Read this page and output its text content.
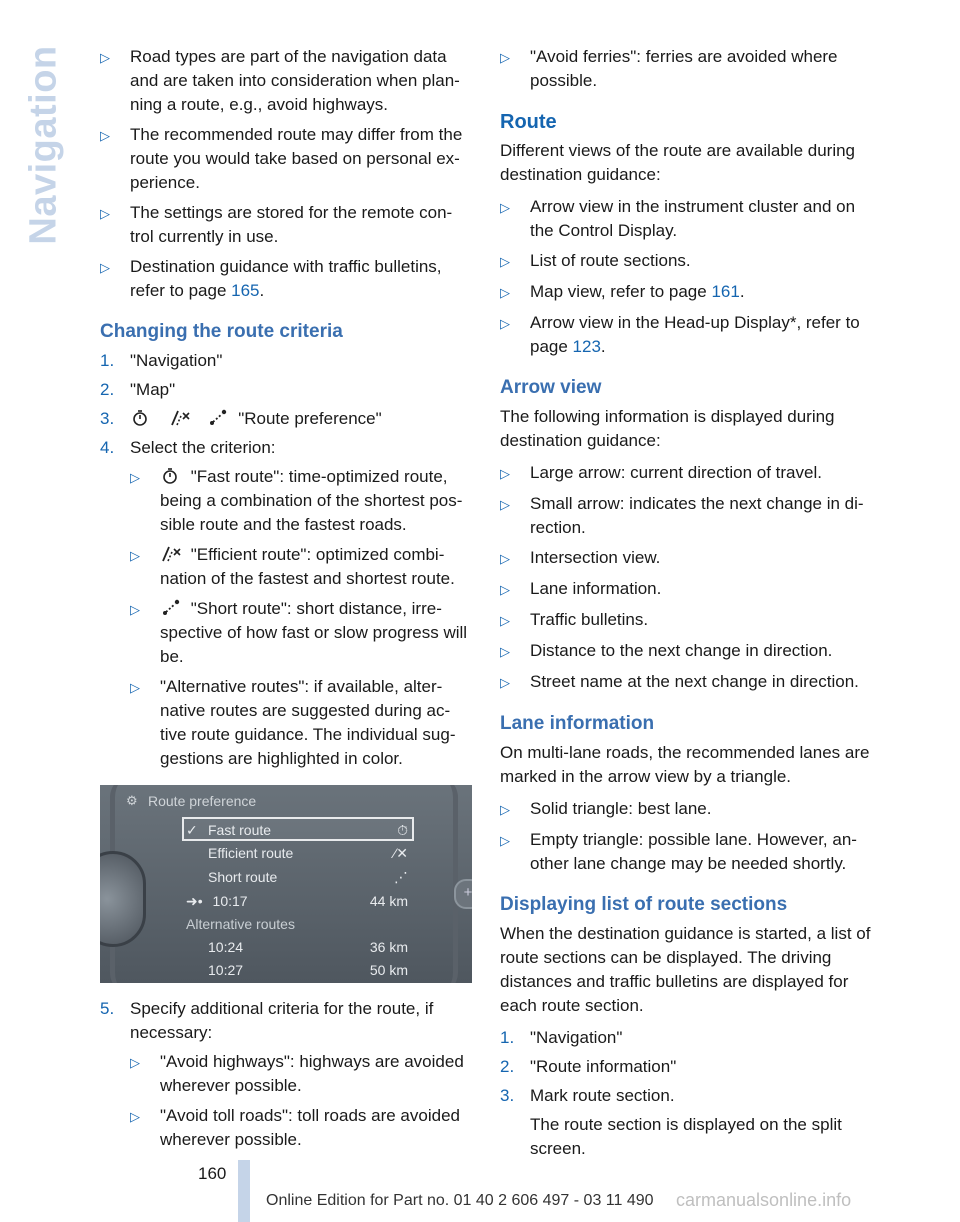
Navigation	▷	Road types are part of the navigation data and are taken into consideration when plan-ning a route, e.g., avoid highways.
▷	The recommended route may differ from the route you would take based on personal ex-perience.
▷	The settings are stored for the remote con-trol currently in use.
▷	Destination guidance with traffic bulletins, refer to page 165.
Changing the route criteria
1. "Navigation"
2. "Map"
3.	"Route preference"
4. Select the criterion:
▷	"Fast route": time-optimized route, being a combination of the shortest pos-sible route and the fastest roads.
▷	"Efficient route": optimized combi-nation of the fastest and shortest route.
▷	"Short route": short distance, irre-spective of how fast or slow progress will be.
▷	"Alternative routes": if available, alter-native routes are suggested during ac-tive route guidance. The individual sug-gestions are highlighted in color.
+
⚙ Route preference
✓ Fast route	⏱
Efficient route	⁄✕
Short route	⋰
➜• 10:17	44 km
Alternative routes
10:24	36 km
10:27	50 km
5. Specify additional criteria for the route, if necessary:
▷	"Avoid highways": highways are avoided wherever possible.
▷	"Avoid toll roads": toll roads are avoided wherever possible.
▷	"Avoid ferries": ferries are avoided where possible.
Route
Different views of the route are available during destination guidance:
▷	Arrow view in the instrument cluster and on the Control Display.
▷	List of route sections.
▷	Map view, refer to page 161.
▷	Arrow view in the Head-up Display*, refer to page 123.
Arrow view
The following information is displayed during destination guidance:
▷	Large arrow: current direction of travel.
▷	Small arrow: indicates the next change in di-rection.
▷	Intersection view.
▷	Lane information.
▷	Traffic bulletins.
▷	Distance to the next change in direction.
▷	Street name at the next change in direction.
Lane information
On multi-lane roads, the recommended lanes are marked in the arrow view by a triangle.
▷	Solid triangle: best lane.
▷	Empty triangle: possible lane. However, an-other lane change may be needed shortly.
Displaying list of route sections
When the destination guidance is started, a list of route sections can be displayed. The driving distances and traffic bulletins are displayed for each route section.
1. "Navigation"
2. "Route information"
3. Mark route section.
The route section is displayed on the split screen.
160
Online Edition for Part no. 01 40 2 606 497 - 03 11 490 carmanualsonline.info
